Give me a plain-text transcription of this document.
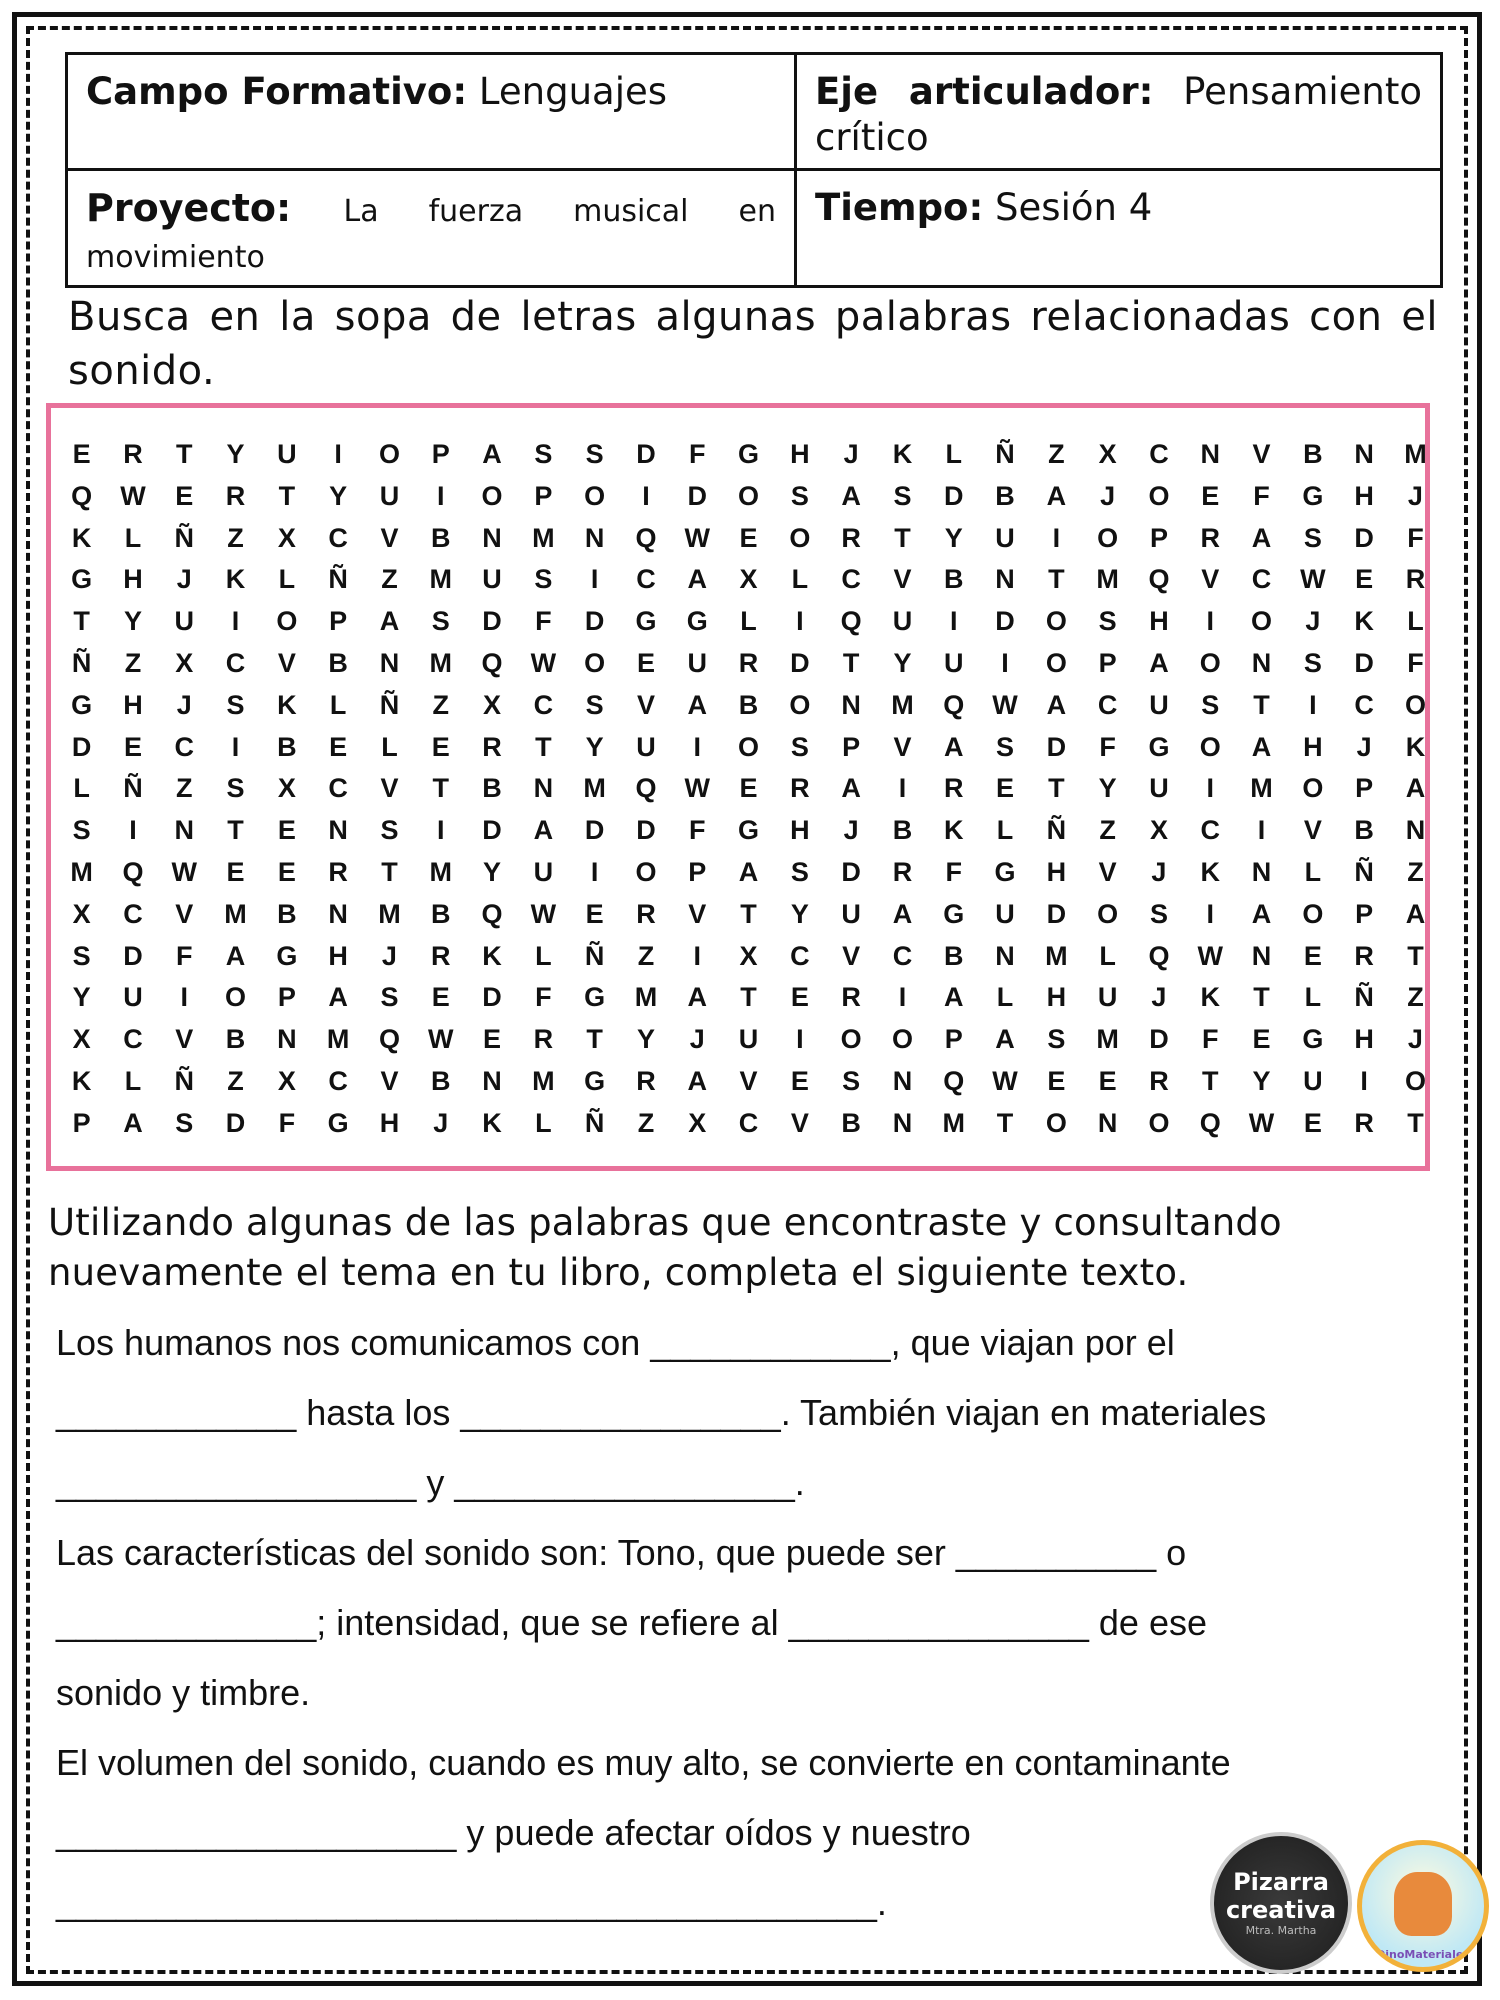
Campo Formativo: Lenguajes	Eje articulador: Pensamiento crítico

Proyecto: La fuerza musical en movimiento	Tiempo: Sesión 4
Busca en la sopa de letras algunas palabras relacionadas con el sonido.
E	R	T	Y	U	I	O	P	A	S	S	D	F	G	H	J	K	L	Ñ	Z	X	C	N	V	B	N	M
Q	W	E	R	T	Y	U	I	O	P	O	I	D	O	S	A	S	D	B	A	J	O	E	F	G	H	J
K	L	Ñ	Z	X	C	V	B	N	M	N	Q	W	E	O	R	T	Y	U	I	O	P	R	A	S	D	F
G	H	J	K	L	Ñ	Z	M	U	S	I	C	A	X	L	C	V	B	N	T	M	Q	V	C	W	E	R
T	Y	U	I	O	P	A	S	D	F	D	G	G	L	I	Q	U	I	D	O	S	H	I	O	J	K	L
Ñ	Z	X	C	V	B	N	M	Q	W	O	E	U	R	D	T	Y	U	I	O	P	A	O	N	S	D	F
G	H	J	S	K	L	Ñ	Z	X	C	S	V	A	B	O	N	M	Q	W	A	C	U	S	T	I	C	O
D	E	C	I	B	E	L	E	R	T	Y	U	I	O	S	P	V	A	S	D	F	G	O	A	H	J	K
L	Ñ	Z	S	X	C	V	T	B	N	M	Q	W	E	R	A	I	R	E	T	Y	U	I	M	O	P	A
S	I	N	T	E	N	S	I	D	A	D	D	F	G	H	J	B	K	L	Ñ	Z	X	C	I	V	B	N
M	Q	W	E	E	R	T	M	Y	U	I	O	P	A	S	D	R	F	G	H	V	J	K	N	L	Ñ	Z
X	C	V	M	B	N	M	B	Q	W	E	R	V	T	Y	U	A	G	U	D	O	S	I	A	O	P	A
S	D	F	A	G	H	J	R	K	L	Ñ	Z	I	X	C	V	C	B	N	M	L	Q	W	N	E	R	T
Y	U	I	O	P	A	S	E	D	F	G	M	A	T	E	R	I	A	L	H	U	J	K	T	L	Ñ	Z
X	C	V	B	N	M	Q	W	E	R	T	Y	J	U	I	O	O	P	A	S	M	D	F	E	G	H	J
K	L	Ñ	Z	X	C	V	B	N	M	G	R	A	V	E	S	N	Q	W	E	E	R	T	Y	U	I	O
P	A	S	D	F	G	H	J	K	L	Ñ	Z	X	C	V	B	N	M	T	O	N	O	Q	W	E	R	T
Utilizando algunas de las palabras que encontraste y consultando nuevamente el tema en tu libro, completa el siguiente texto.
Los humanos nos comunicamos con ____________, que viajan por el
____________ hasta los ________________. También viajan en materiales
__________________ y _________________.
Las características del sonido son: Tono, que puede ser __________ o
_____________; intensidad, que se refiere al _______________ de ese
sonido y timbre.
El volumen del sonido, cuando es muy alto, se convierte en contaminante
____________________ y puede afectar oídos y nuestro
_________________________________________.	Pizarra
creativa
Mtra. Martha
DinoMateriales
